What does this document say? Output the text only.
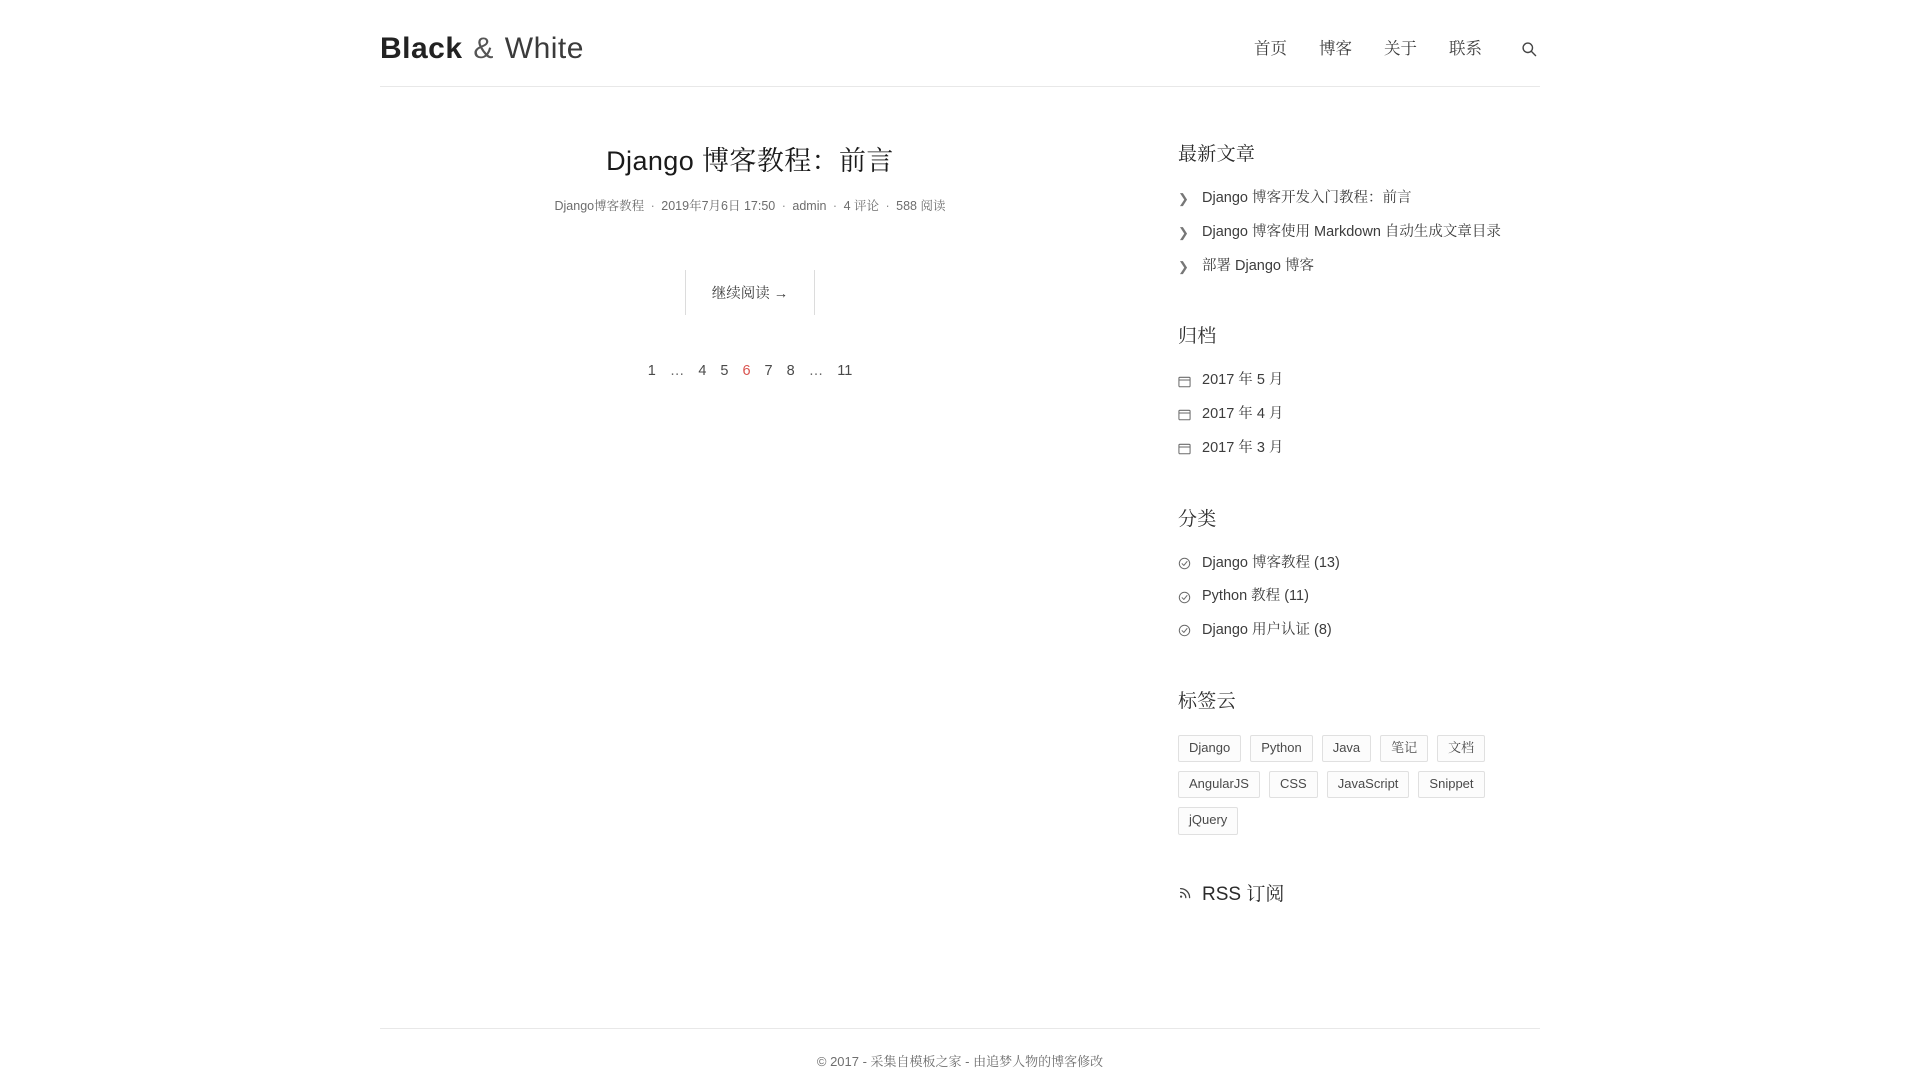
Black & White	首页 博客 关于 联系
Django 博客教程：前言
Django博客教程 · 2019年7月6日 17:50 · admin · 4 评论 · 588 阅读
继续阅读 →
1 … 4 5 6 7 8 … 11
最新文章
❯ Django 博客开发入门教程：前言
❯ Django 博客使用 Markdown 自动生成文章目录
❯ 部署 Django 博客
归档
2017 年 5 月
2017 年 4 月
2017 年 3 月
分类
Django 博客教程 (13)
Python 教程 (11)
Django 用户认证 (8)
标签云
Django	Python	Java	笔记	文档
AngularJS	CSS	JavaScript	Snippet
jQuery
RSS 订阅
© 2017 - 采集自模板之家 - 由追梦人物的博客修改
